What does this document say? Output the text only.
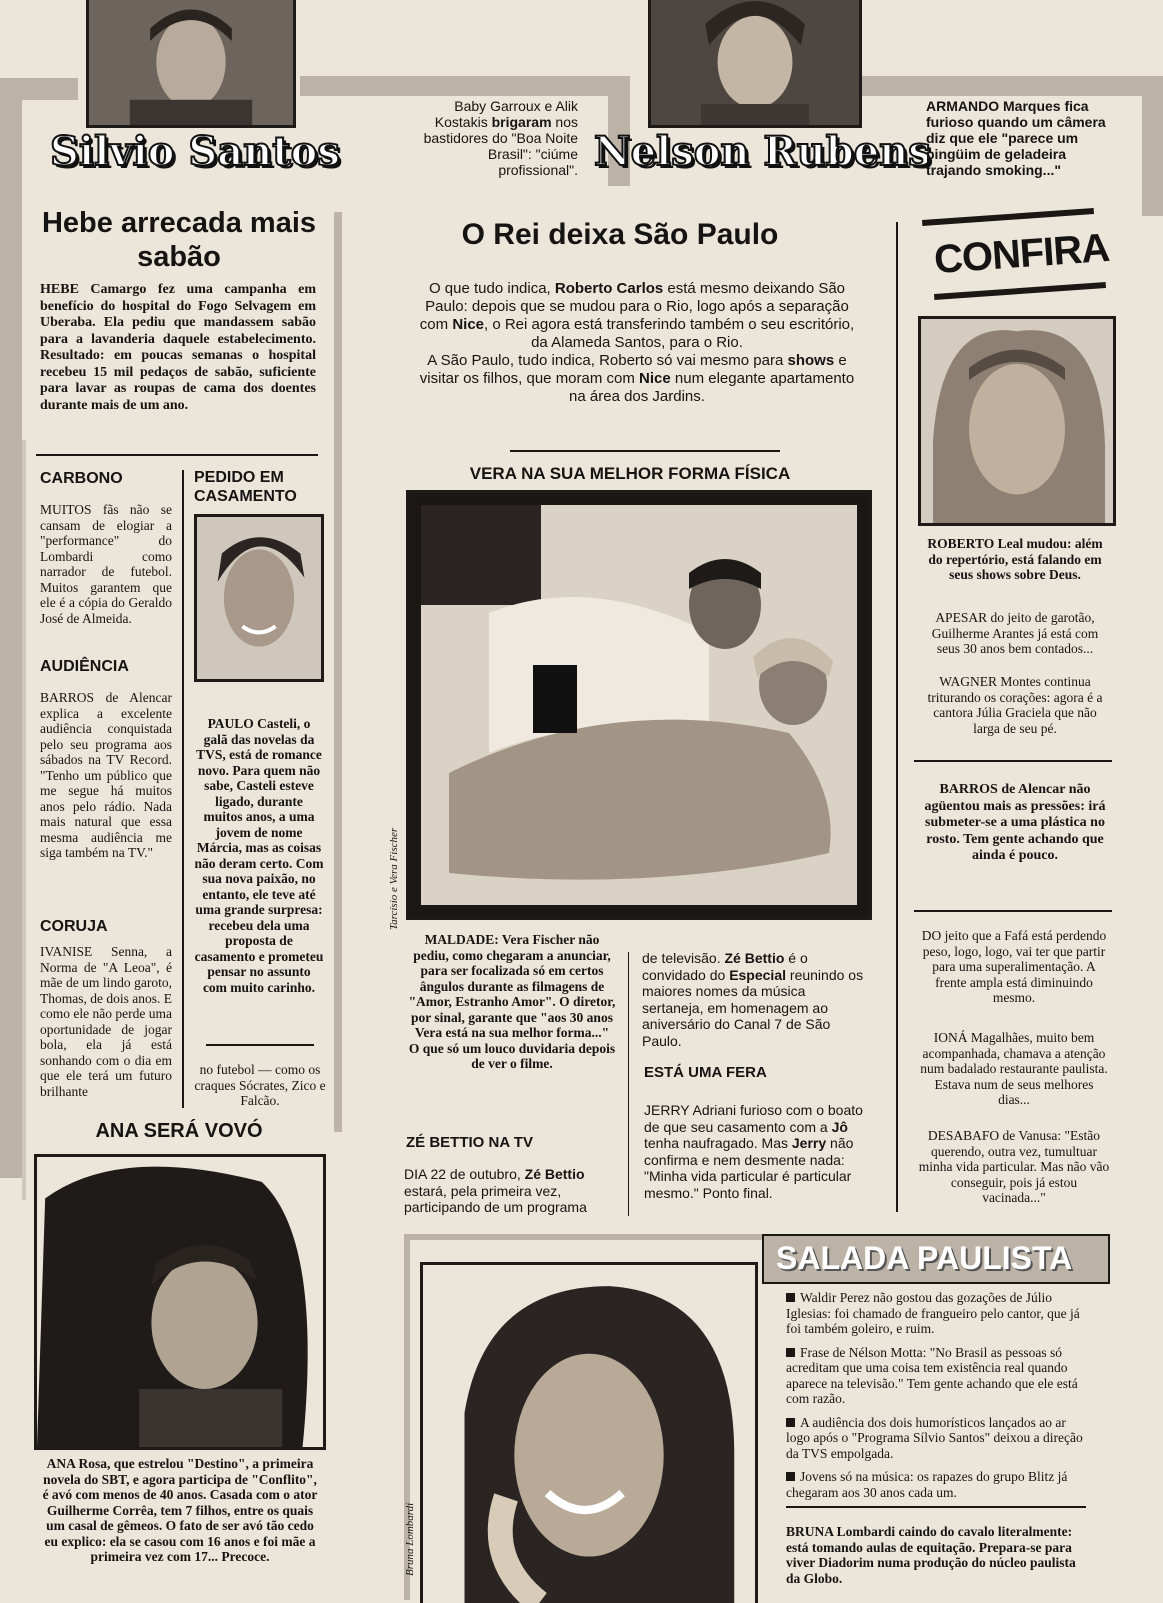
Silvio Santos	Nelson Rubens
Baby Garroux e Alik Kostakis brigaram nos bastidores do "Boa Noite Brasil": "ciúme profissional".
ARMANDO Marques fica furioso quando um câmera diz que ele "parece um pingüim de geladeira trajando smoking..."
Hebe arrecada mais sabão
HEBE Camargo fez uma campanha em benefício do hospital do Fogo Selvagem em Uberaba. Ela pediu que mandassem sabão para a lavanderia daquele estabelecimento. Resultado: em poucas semanas o hospital recebeu 15 mil pedaços de sabão, suficiente para lavar as roupas de cama dos doentes durante mais de um ano.
O Rei deixa São Paulo
O que tudo indica, Roberto Carlos está mesmo deixando São Paulo: depois que se mudou para o Rio, logo após a separação com Nice, o Rei agora está transferindo também o seu escritório, da Alameda Santos, para o Rio.
A São Paulo, tudo indica, Roberto só vai mesmo para shows e visitar os filhos, que moram com Nice num elegante apartamento na área dos Jardins.
CARBONO
MUITOS fãs não se cansam de elogiar a "performance" do Lombardi como narrador de futebol. Muitos garantem que ele é a cópia do Geraldo José de Almeida.
AUDIÊNCIA
BARROS de Alencar explica a excelente audiência conquistada pelo seu programa aos sábados na TV Record. "Tenho um público que me segue há muitos anos pelo rádio. Nada mais natural que essa mesma audiência me siga também na TV."
CORUJA
IVANISE Senna, a Norma de "A Leoa", é mãe de um lindo garoto, Thomas, de dois anos. E como ele não perde uma oportunidade de jogar bola, ela já está sonhando com o dia em que ele terá um futuro brilhante
PEDIDO EM CASAMENTO
PAULO Casteli, o galã das novelas da TVS, está de romance novo. Para quem não sabe, Casteli esteve ligado, durante muitos anos, a uma jovem de nome Márcia, mas as coisas não deram certo. Com sua nova paixão, no entanto, ele teve até uma grande surpresa: recebeu dela uma proposta de casamento e prometeu pensar no assunto com muito carinho.
no futebol — como os craques Sócrates, Zico e Falcão.
VERA NA SUA MELHOR FORMA FÍSICA
Tarcísio e Vera Fischer
MALDADE: Vera Fischer não pediu, como chegaram a anunciar, para ser focalizada só em certos ângulos durante as filmagens de "Amor, Estranho Amor". O diretor, por sinal, garante que "aos 30 anos Vera está na sua melhor forma..." O que só um louco duvidaria depois de ver o filme.
ZÉ BETTIO NA TV
DIA 22 de outubro, Zé Bettio estará, pela primeira vez, participando de um programa
de televisão. Zé Bettio é o convidado do Especial reunindo os maiores nomes da música sertaneja, em homenagem ao aniversário do Canal 7 de São Paulo.
ESTÁ UMA FERA
JERRY Adriani furioso com o boato de que seu casamento com a Jô tenha naufragado. Mas Jerry não confirma e nem desmente nada: "Minha vida particular é particular mesmo." Ponto final.
CONFIRA
ROBERTO Leal mudou: além do repertório, está falando em seus shows sobre Deus.
APESAR do jeito de garotão, Guilherme Arantes já está com seus 30 anos bem contados...
WAGNER Montes continua triturando os corações: agora é a cantora Júlia Graciela que não larga de seu pé.
BARROS de Alencar não agüentou mais as pressões: irá submeter-se a uma plástica no rosto. Tem gente achando que ainda é pouco.
DO jeito que a Fafá está perdendo peso, logo, logo, vai ter que partir para uma superalimentação. A frente ampla está diminuindo mesmo.
IONÁ Magalhães, muito bem acompanhada, chamava a atenção num badalado restaurante paulista. Estava num de seus melhores dias...
DESABAFO de Vanusa: "Estão querendo, outra vez, tumultuar minha vida particular. Mas não vão conseguir, pois já estou vacinada..."
ANA SERÁ VOVÓ
ANA Rosa, que estrelou "Destino", a primeira novela do SBT, e agora participa de "Conflito", é avó com menos de 40 anos. Casada com o ator Guilherme Corrêa, tem 7 filhos, entre os quais um casal de gêmeos. O fato de ser avó tão cedo eu explico: ela se casou com 16 anos e foi mãe a primeira vez com 17... Precoce.
SALADA PAULISTA
Bruna Lombardi
Waldir Perez não gostou das gozações de Júlio Iglesias: foi chamado de frangueiro pelo cantor, que já foi também goleiro, e ruim.
Frase de Nélson Motta: "No Brasil as pessoas só acreditam que uma coisa tem existência real quando aparece na televisão." Tem gente achando que ele está com razão.
A audiência dos dois humorísticos lançados ao ar logo após o "Programa Sílvio Santos" deixou a direção da TVS empolgada.
Jovens só na música: os rapazes do grupo Blitz já chegaram aos 30 anos cada um.
BRUNA Lombardi caindo do cavalo literalmente: está tomando aulas de equitação. Prepara-se para viver Diadorim numa produção do núcleo paulista da Globo.
